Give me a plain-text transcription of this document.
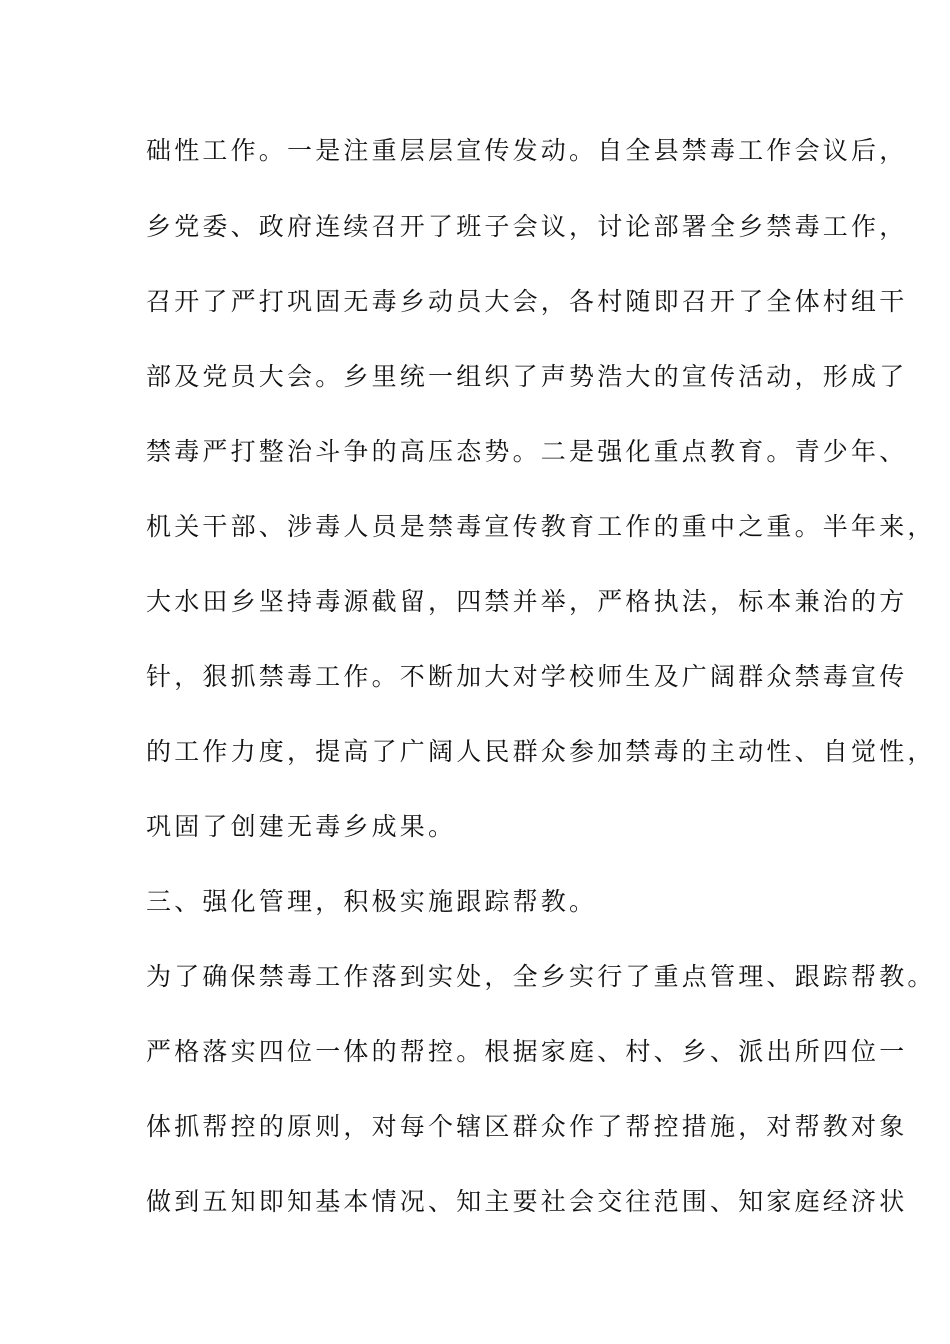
础性工作。一是注重层层宣传发动。自全县禁毒工作会议后，
乡党委、政府连续召开了班子会议，讨论部署全乡禁毒工作，
召开了严打巩固无毒乡动员大会，各村随即召开了全体村组干
部及党员大会。乡里统一组织了声势浩大的宣传活动，形成了
禁毒严打整治斗争的高压态势。二是强化重点教育。青少年、
机关干部、涉毒人员是禁毒宣传教育工作的重中之重。半年来，
大水田乡坚持毒源截留，四禁并举，严格执法，标本兼治的方
针，狠抓禁毒工作。不断加大对学校师生及广阔群众禁毒宣传
的工作力度，提高了广阔人民群众参加禁毒的主动性、自觉性，
巩固了创建无毒乡成果。
三、强化管理，积极实施跟踪帮教。
为了确保禁毒工作落到实处，全乡实行了重点管理、跟踪帮教。
严格落实四位一体的帮控。根据家庭、村、乡、派出所四位一
体抓帮控的原则，对每个辖区群众作了帮控措施，对帮教对象
做到五知即知基本情况、知主要社会交往范围、知家庭经济状
